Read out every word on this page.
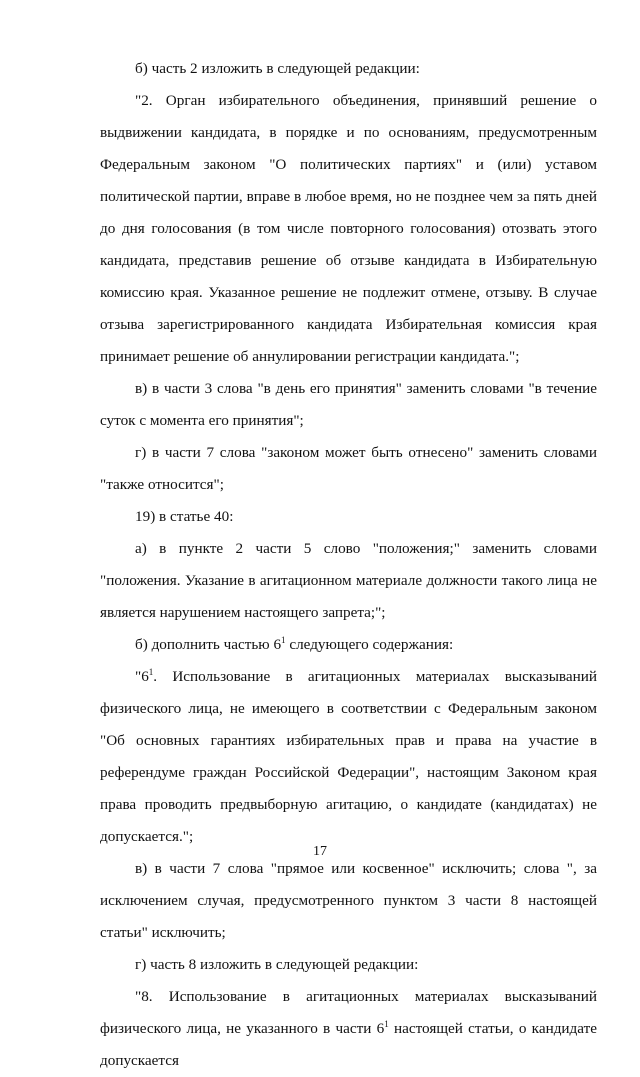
б) часть 2 изложить в следующей редакции:

"2. Орган избирательного объединения, принявший решение о выдвижении кандидата, в порядке и по основаниям, предусмотренным Федеральным законом "О политических партиях" и (или) уставом политической партии, вправе в любое время, но не позднее чем за пять дней до дня голосования (в том числе повторного голосования) отозвать этого кандидата, представив решение об отзыве кандидата в Избирательную комиссию края. Указанное решение не подлежит отмене, отзыву. В случае отзыва зарегистрированного кандидата Избирательная комиссия края принимает решение об аннулировании регистрации кандидата.";

в) в части 3 слова "в день его принятия" заменить словами "в течение суток с момента его принятия";

г) в части 7 слова "законом может быть отнесено" заменить словами "также относится";

19) в статье 40:

а) в пункте 2 части 5 слово "положения;" заменить словами "положения. Указание в агитационном материале должности такого лица не является нарушением настоящего запрета;";

б) дополнить частью $6^1$ следующего содержания:

"$6^1$. Использование в агитационных материалах высказываний физического лица, не имеющего в соответствии с Федеральным законом "Об основных гарантиях избирательных прав и права на участие в референдуме граждан Российской Федерации", настоящим Законом края права проводить предвыборную агитацию, о кандидате (кандидатах) не допускается.";

в) в части 7 слова "прямое или косвенное" исключить; слова ", за исключением случая, предусмотренного пунктом 3 части 8 настоящей статьи" исключить;

г) часть 8 изложить в следующей редакции:

"8. Использование в агитационных материалах высказываний физического лица, не указанного в части $6^1$ настоящей статьи, о кандидате допускается

17
